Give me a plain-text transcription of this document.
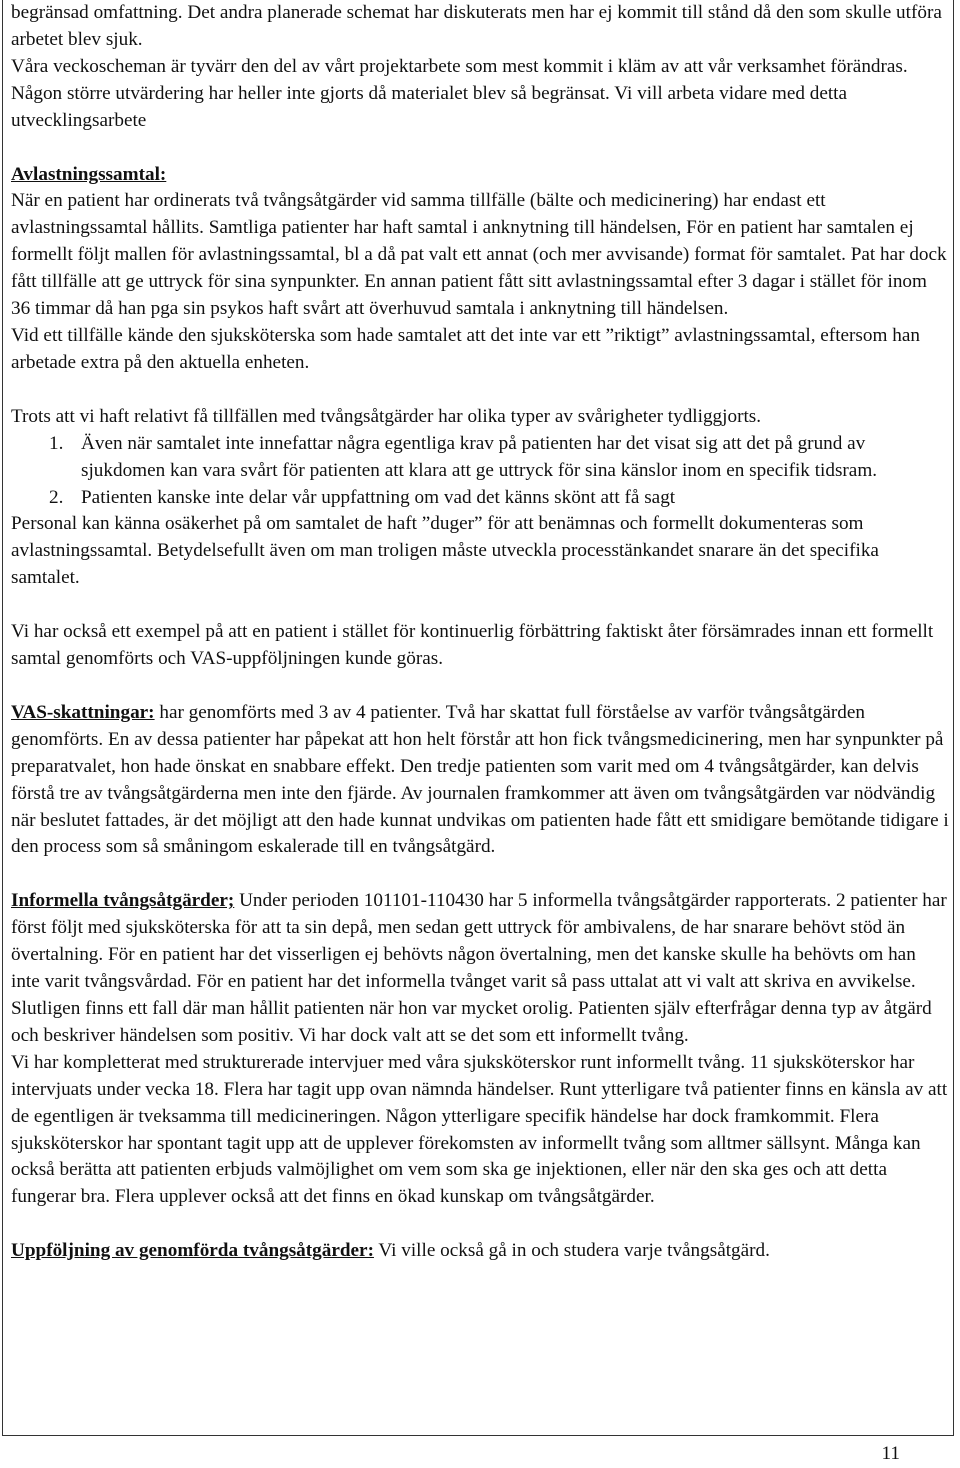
begränsad omfattning. Det andra planerade schemat har diskuterats men har ej kommit till stånd då den som skulle utföra arbetet blev sjuk.

Våra veckoscheman är tyvärr den del av vårt projektarbete som mest kommit i kläm av att vår verksamhet förändras. Någon större utvärdering har heller inte gjorts då materialet blev så begränsat. Vi vill arbeta vidare med detta utvecklingsarbete

Avlastningssamtal:

När en patient har ordinerats två tvångsåtgärder vid samma tillfälle (bälte och medicinering) har endast ett avlastningssamtal hållits. Samtliga patienter har haft samtal i anknytning till händelsen, För en patient har samtalen ej formellt följt mallen för avlastningssamtal, bl a då pat valt ett annat (och mer avvisande) format för samtalet. Pat har dock fått tillfälle att ge uttryck för sina synpunkter. En annan patient fått sitt avlastningssamtal efter 3 dagar i stället för inom 36 timmar då han pga sin psykos haft svårt att överhuvud samtala i anknytning till händelsen.

Vid ett tillfälle kände den sjuksköterska som hade samtalet att det inte var ett ”riktigt” avlastningssamtal, eftersom han arbetade extra på den aktuella enheten.

Trots att vi haft relativt få tillfällen med tvångsåtgärder har olika typer av svårigheter tydliggjorts.

1. Även när samtalet inte innefattar några egentliga krav på patienten har det visat sig att det på grund av sjukdomen kan vara svårt för patienten att klara att ge uttryck för sina känslor inom en specifik tidsram.

2. Patienten kanske inte delar vår uppfattning om vad det känns skönt att få sagt

Personal kan känna osäkerhet på om samtalet de haft ”duger” för att benämnas och formellt dokumenteras som avlastningssamtal. Betydelsefullt även om man troligen måste utveckla processtänkandet snarare än det specifika samtalet.

Vi har också ett exempel på att en patient i stället för kontinuerlig förbättring faktiskt åter försämrades innan ett formellt samtal genomförts och VAS-uppföljningen kunde göras.

VAS-skattningar: har genomförts med 3 av 4 patienter. Två har skattat full förståelse av varför tvångsåtgärden genomförts. En av dessa patienter har påpekat att hon helt förstår att hon fick tvångsmedicinering, men har synpunkter på preparatvalet, hon hade önskat en snabbare effekt. Den tredje patienten som varit med om 4 tvångsåtgärder, kan delvis förstå tre av tvångsåtgärderna men inte den fjärde. Av journalen framkommer att även om tvångsåtgärden var nödvändig när beslutet fattades, är det möjligt att den hade kunnat undvikas om patienten hade fått ett smidigare bemötande tidigare i den process som så småningom eskalerade till en tvångsåtgärd.

Informella tvångsåtgärder; Under perioden 101101-110430 har 5 informella tvångsåtgärder rapporterats. 2 patienter har först följt med sjuksköterska för att ta sin depå, men sedan gett uttryck för ambivalens, de har snarare behövt stöd än övertalning. För en patient har det visserligen ej behövts någon övertalning, men det kanske skulle ha behövts om han inte varit tvångsvårdad. För en patient har det informella tvånget varit så pass uttalat att vi valt att skriva en avvikelse. Slutligen finns ett fall där man hållit patienten när hon var mycket orolig. Patienten själv efterfrågar denna typ av åtgärd och beskriver händelsen som positiv. Vi har dock valt att se det som ett informellt tvång.

Vi har kompletterat med strukturerade intervjuer med våra sjuksköterskor runt informellt tvång. 11 sjuksköterskor har intervjuats under vecka 18. Flera har tagit upp ovan nämnda händelser. Runt ytterligare två patienter finns en känsla av att de egentligen är tveksamma till medicineringen. Någon ytterligare specifik händelse har dock framkommit. Flera sjuksköterskor har spontant tagit upp att de upplever förekomsten av informellt tvång som alltmer sällsynt. Många kan också berätta att patienten erbjuds valmöjlighet om vem som ska ge injektionen, eller när den ska ges och att detta fungerar bra. Flera upplever också att det finns en ökad kunskap om tvångsåtgärder.

Uppföljning av genomförda tvångsåtgärder: Vi ville också gå in och studera varje tvångsåtgärd.

11
